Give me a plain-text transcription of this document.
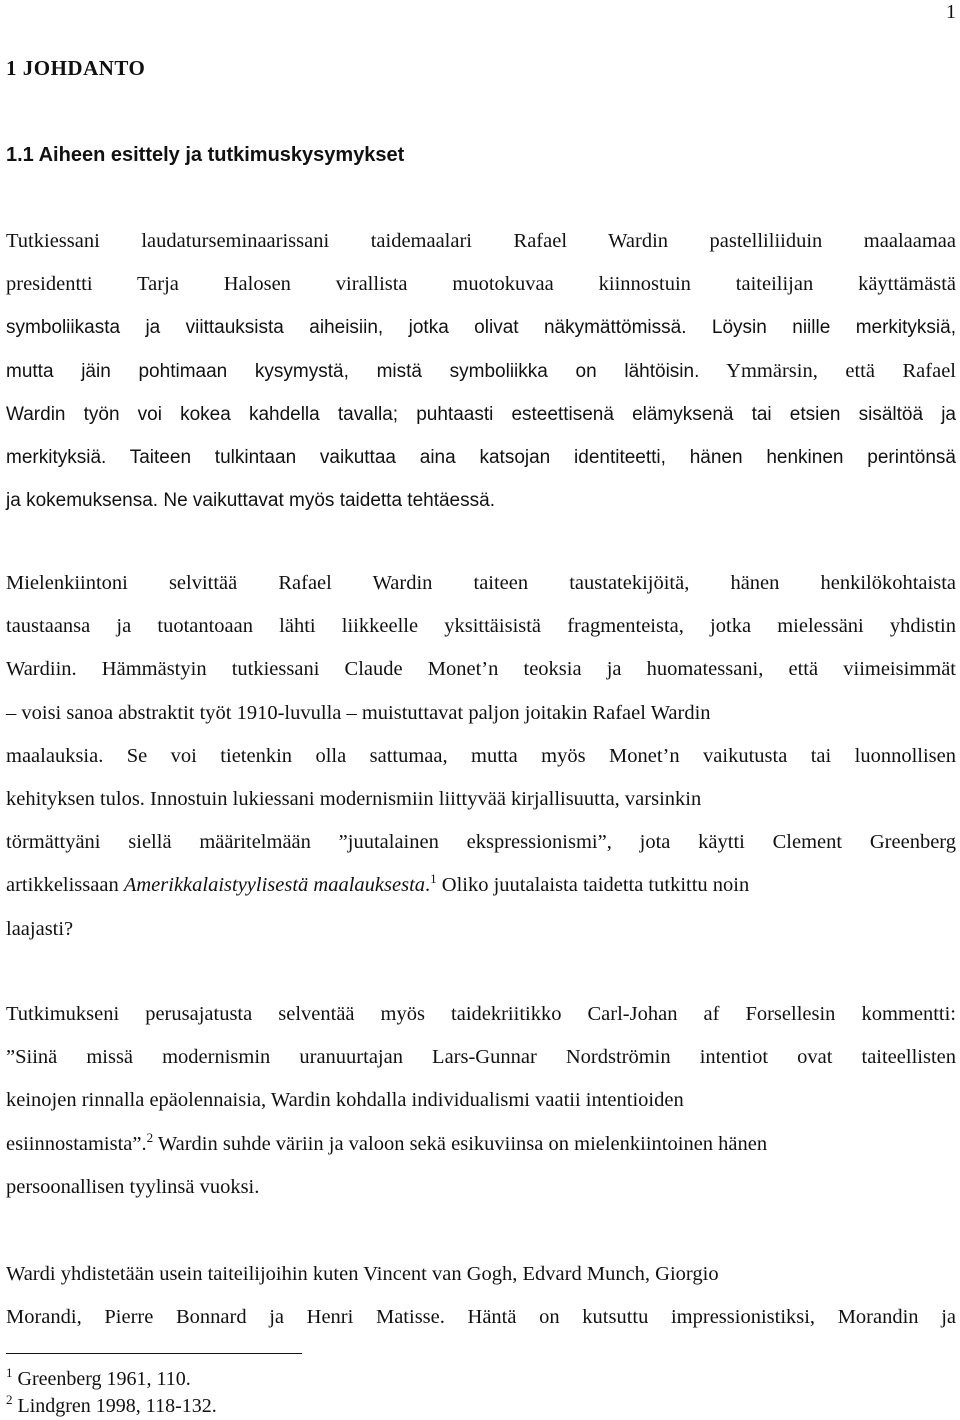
1
1 JOHDANTO
1.1 Aiheen esittely ja tutkimuskysymykset
Tutkiessani laudaturseminaarissani taidemaalari Rafael Wardin pastelliliiduin maalaamaa
presidentti Tarja Halosen virallista muotokuvaa kiinnostuin taiteilijan käyttämästä
symboliikasta ja viittauksista aiheisiin, jotka olivat näkymättömissä. Löysin niille merkityksiä,
mutta jäin pohtimaan kysymystä, mistä symboliikka on lähtöisin. Ymmärsin, että Rafael
Wardin työn voi kokea kahdella tavalla; puhtaasti esteettisenä elämyksenä tai etsien sisältöä ja
merkityksiä. Taiteen tulkintaan vaikuttaa aina katsojan identiteetti, hänen henkinen perintönsä
ja kokemuksensa. Ne vaikuttavat myös taidetta tehtäessä.
Mielenkiintoni selvittää Rafael Wardin taiteen taustatekijöitä, hänen henkilökohtaista
taustaansa ja tuotantoaan lähti liikkeelle yksittäisistä fragmenteista, jotka mielessäni yhdistin
Wardiin. Hämmästyin tutkiessani Claude Monet’n teoksia ja huomatessani, että viimeisimmät
– voisi sanoa abstraktit työt 1910-luvulla – muistuttavat paljon joitakin Rafael Wardin
maalauksia. Se voi tietenkin olla sattumaa, mutta myös Monet’n vaikutusta tai luonnollisen
kehityksen tulos. Innostuin lukiessani modernismiin liittyvää kirjallisuutta, varsinkin
törmättyäni siellä määritelmään ”juutalainen ekspressionismi”, jota käytti Clement Greenberg
artikkelissaan Amerikkalaistyylisestä maalauksesta.$^1$ Oliko juutalaista taidetta tutkittu noin
laajasti?
Tutkimukseni perusajatusta selventää myös taidekriitikko Carl-Johan af Forsellesin kommentti:
”Siinä missä modernismin uranuurtajan Lars-Gunnar Nordströmin intentiot ovat taiteellisten
keinojen rinnalla epäolennaisia, Wardin kohdalla individualismi vaatii intentioiden
esiinnostamista”.$^2$ Wardin suhde väriin ja valoon sekä esikuviinsa on mielenkiintoinen hänen
persoonallisen tyylinsä vuoksi.
Wardi yhdistetään usein taiteilijoihin kuten Vincent van Gogh, Edvard Munch, Giorgio
Morandi, Pierre Bonnard ja Henri Matisse. Häntä on kutsuttu impressionistiksi, Morandin ja
$^1$ Greenberg 1961, 110.
$^2$ Lindgren 1998, 118-132.
